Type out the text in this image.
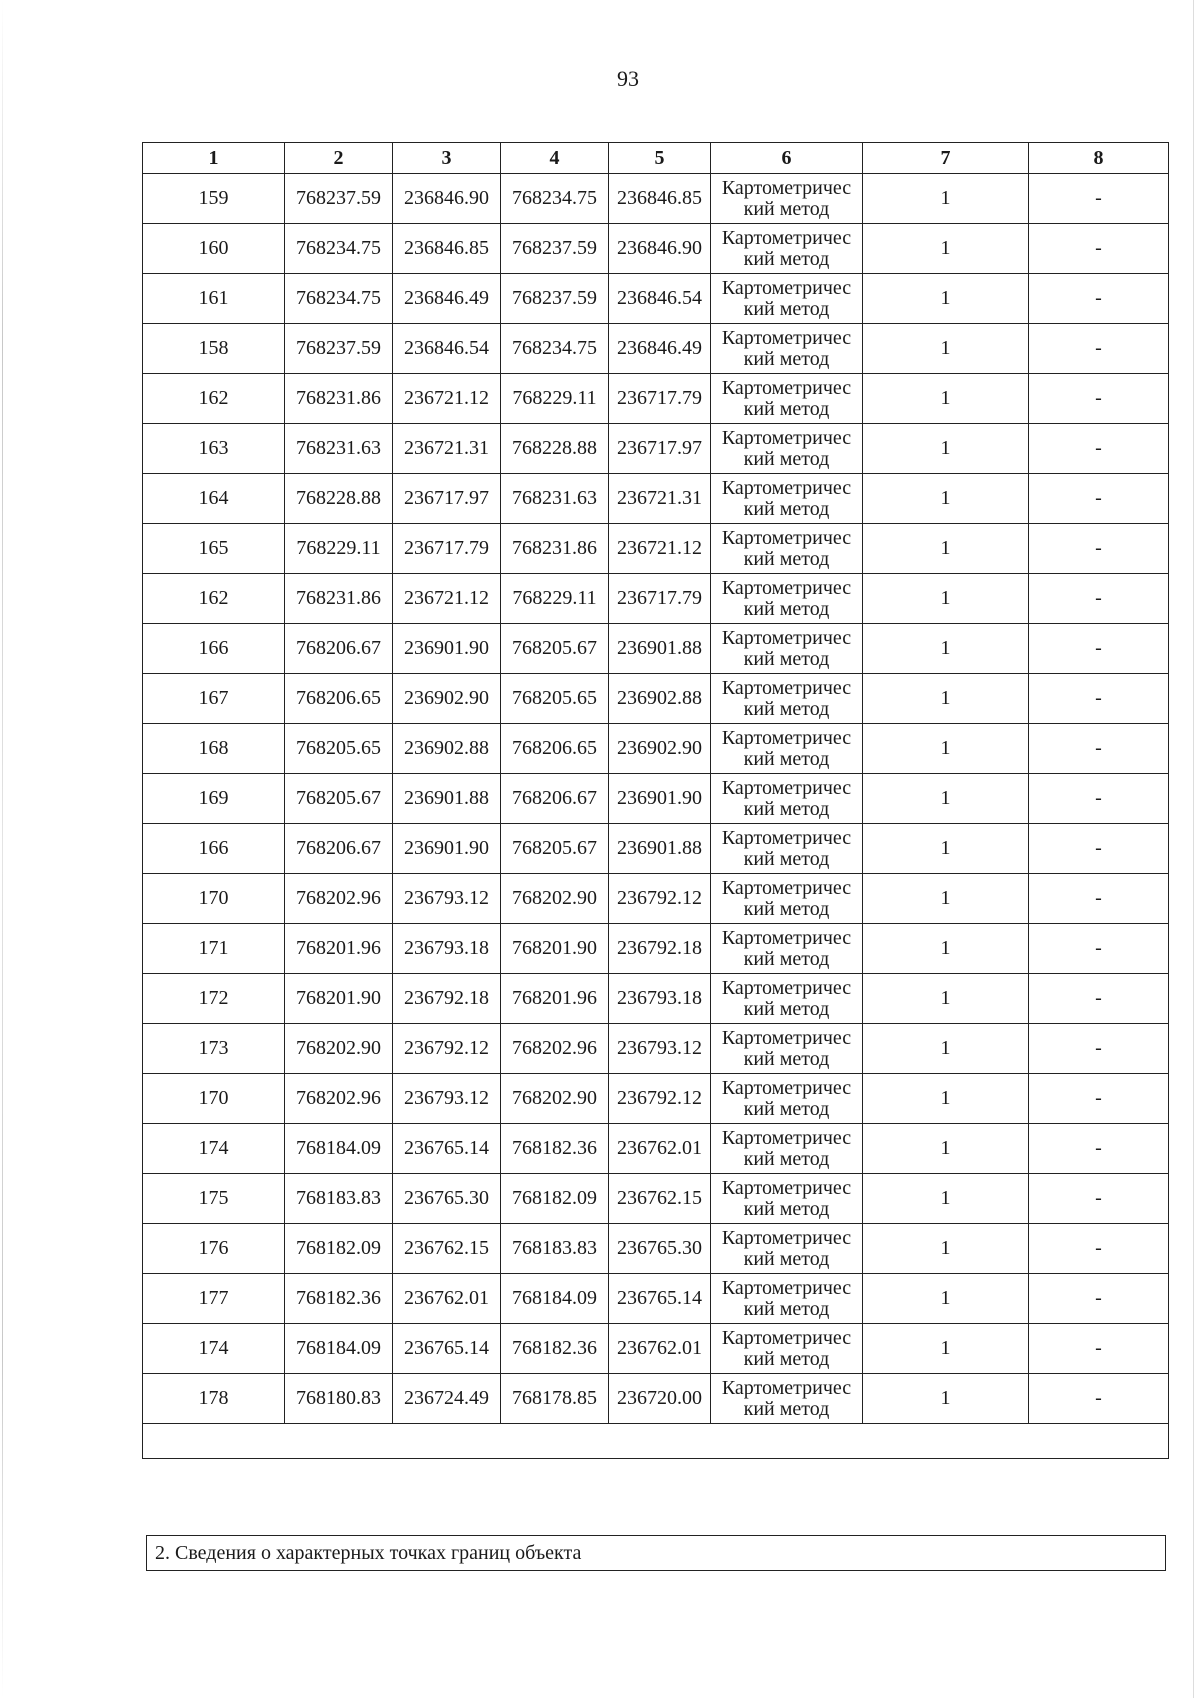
93
1	2	3	4	5	6	7	8
159	768237.59	236846.90	768234.75	236846.85	Картометричес кий метод	1	-
160	768234.75	236846.85	768237.59	236846.90	Картометричес кий метод	1	-
161	768234.75	236846.49	768237.59	236846.54	Картометричес кий метод	1	-
158	768237.59	236846.54	768234.75	236846.49	Картометричес кий метод	1	-
162	768231.86	236721.12	768229.11	236717.79	Картометричес кий метод	1	-
163	768231.63	236721.31	768228.88	236717.97	Картометричес кий метод	1	-
164	768228.88	236717.97	768231.63	236721.31	Картометричес кий метод	1	-
165	768229.11	236717.79	768231.86	236721.12	Картометричес кий метод	1	-
162	768231.86	236721.12	768229.11	236717.79	Картометричес кий метод	1	-
166	768206.67	236901.90	768205.67	236901.88	Картометричес кий метод	1	-
167	768206.65	236902.90	768205.65	236902.88	Картометричес кий метод	1	-
168	768205.65	236902.88	768206.65	236902.90	Картометричес кий метод	1	-
169	768205.67	236901.88	768206.67	236901.90	Картометричес кий метод	1	-
166	768206.67	236901.90	768205.67	236901.88	Картометричес кий метод	1	-
170	768202.96	236793.12	768202.90	236792.12	Картометричес кий метод	1	-
171	768201.96	236793.18	768201.90	236792.18	Картометричес кий метод	1	-
172	768201.90	236792.18	768201.96	236793.18	Картометричес кий метод	1	-
173	768202.90	236792.12	768202.96	236793.12	Картометричес кий метод	1	-
170	768202.96	236793.12	768202.90	236792.12	Картометричес кий метод	1	-
174	768184.09	236765.14	768182.36	236762.01	Картометричес кий метод	1	-
175	768183.83	236765.30	768182.09	236762.15	Картометричес кий метод	1	-
176	768182.09	236762.15	768183.83	236765.30	Картометричес кий метод	1	-
177	768182.36	236762.01	768184.09	236765.14	Картометричес кий метод	1	-
174	768184.09	236765.14	768182.36	236762.01	Картометричес кий метод	1	-
178	768180.83	236724.49	768178.85	236720.00	Картометричес кий метод	1	-

2. Сведения о характерных точках границ объекта
